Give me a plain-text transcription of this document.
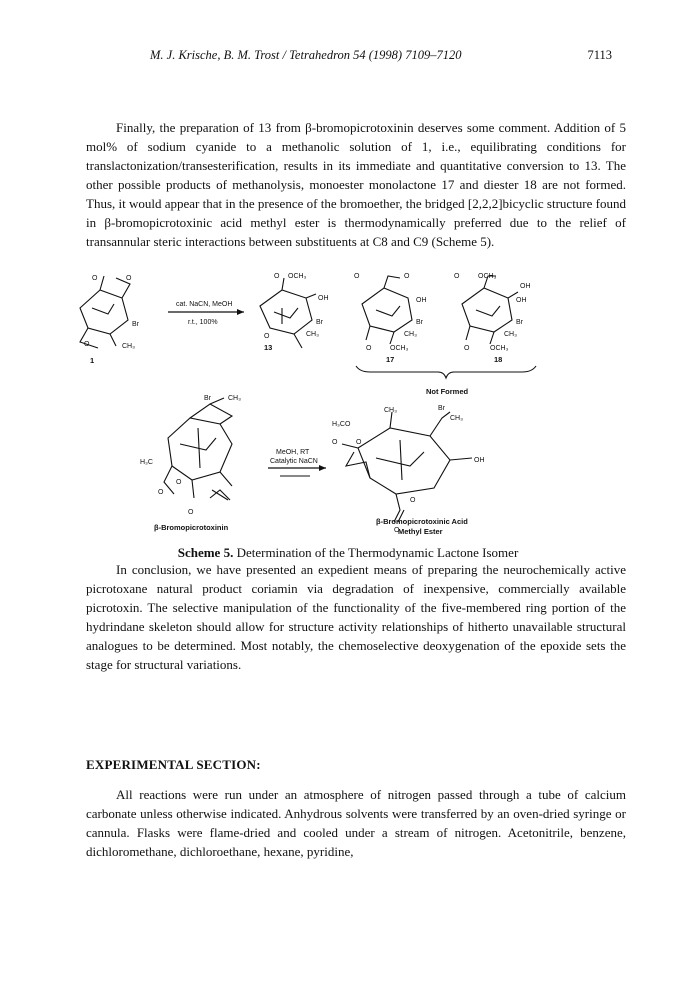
M. J. Krische, B. M. Trost / Tetrahedron 54 (1998) 7109–7120	7113

Finally, the preparation of 13 from β-bromopicrotoxinin deserves some comment. Addition of 5 mol% of sodium cyanide to a methanolic solution of 1, i.e., equilibrating conditions for translactonization/transesterification, results in its immediate and quantitative conversion to 13. The other possible products of methanolysis, monoester monolactone 17 and diester 18 are not formed. Thus, it would appear that in the presence of the bromoether, the bridged [2,2,2]bicyclic structure found in β-bromopicrotoxinic acid methyl ester is thermodynamically preferred due to the relief of transannular steric interactions between substituents at C8 and C9 (Scheme 5).

O	O
Br
CH₃
O
1
cat. NaCN, MeOH
r.t., 100%
O OCH₃
OH
Br
CH₃
O
13
O	O
OH
Br
CH₃
O	OCH₃
17
O	OCH₃
OH
OH
Br
CH₃
O	OCH₃
18
Not Formed
Br CH₃
H₃C
O
O
O
β-Bromopicrotoxinin
MeOH, RT
Catalytic NaCN
Br
CH₃
CH₃
H₃CO
O
OH
O
O
O
β-Bromopicrotoxinic Acid
Methyl Ester
Scheme 5. Determination of the Thermodynamic Lactone Isomer

In conclusion, we have presented an expedient means of preparing the neurochemically active picrotoxane natural product coriamin via degradation of inexpensive, commercially available picrotoxin. The selective manipulation of the functionality of the five-membered ring portion of the hydrindane skeleton should allow for structure activity relationships of hitherto unavailable structural analogues to be determined. Most notably, the chemoselective deoxygenation of the epoxide sets the stage for structural variations.

EXPERIMENTAL SECTION:

All reactions were run under an atmosphere of nitrogen passed through a tube of calcium carbonate unless otherwise indicated. Anhydrous solvents were transferred by an oven-dried syringe or cannula. Flasks were flame-dried and cooled under a stream of nitrogen. Acetonitrile, benzene, dichloromethane, dichloroethane, hexane, pyridine,
